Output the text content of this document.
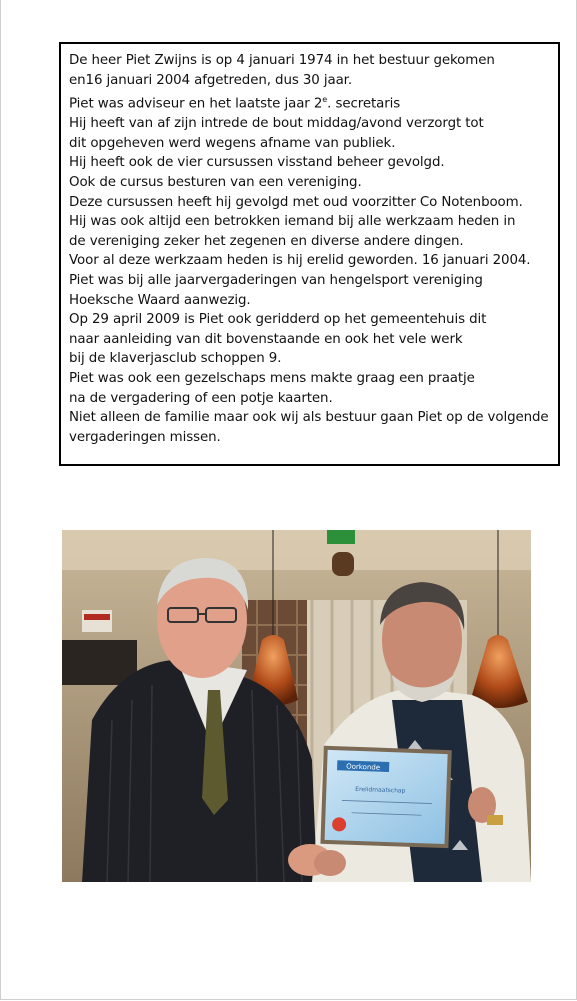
De heer Piet Zwijns is op 4 januari 1974 in het bestuur gekomen
en16 januari 2004 afgetreden, dus 30 jaar.
Piet was adviseur en het laatste jaar 2e. secretaris
Hij heeft van af zijn intrede de bout middag/avond verzorgt tot
dit opgeheven werd wegens afname van publiek.
Hij heeft ook de vier cursussen visstand beheer gevolgd.
Ook de cursus besturen van een vereniging.
Deze cursussen heeft hij gevolgd met oud voorzitter Co Notenboom.
Hij was ook altijd een betrokken iemand bij alle werkzaam heden in
de vereniging zeker het zegenen en diverse andere dingen.
Voor al deze werkzaam heden is hij erelid geworden. 16 januari 2004.
Piet was bij alle jaarvergaderingen van hengelsport vereniging
Hoeksche Waard aanwezig.
Op 29 april 2009 is Piet ook geridderd op het gemeentehuis dit
naar aanleiding van dit bovenstaande en ook het vele werk
bij de klaverjasclub schoppen 9.
Piet was ook een gezelschaps mens makte graag een praatje
na de vergadering of een potje kaarten.
Niet alleen de familie maar ook wij als bestuur gaan Piet op de volgende
vergaderingen missen.
Oorkonde
Erelidmaatschap
